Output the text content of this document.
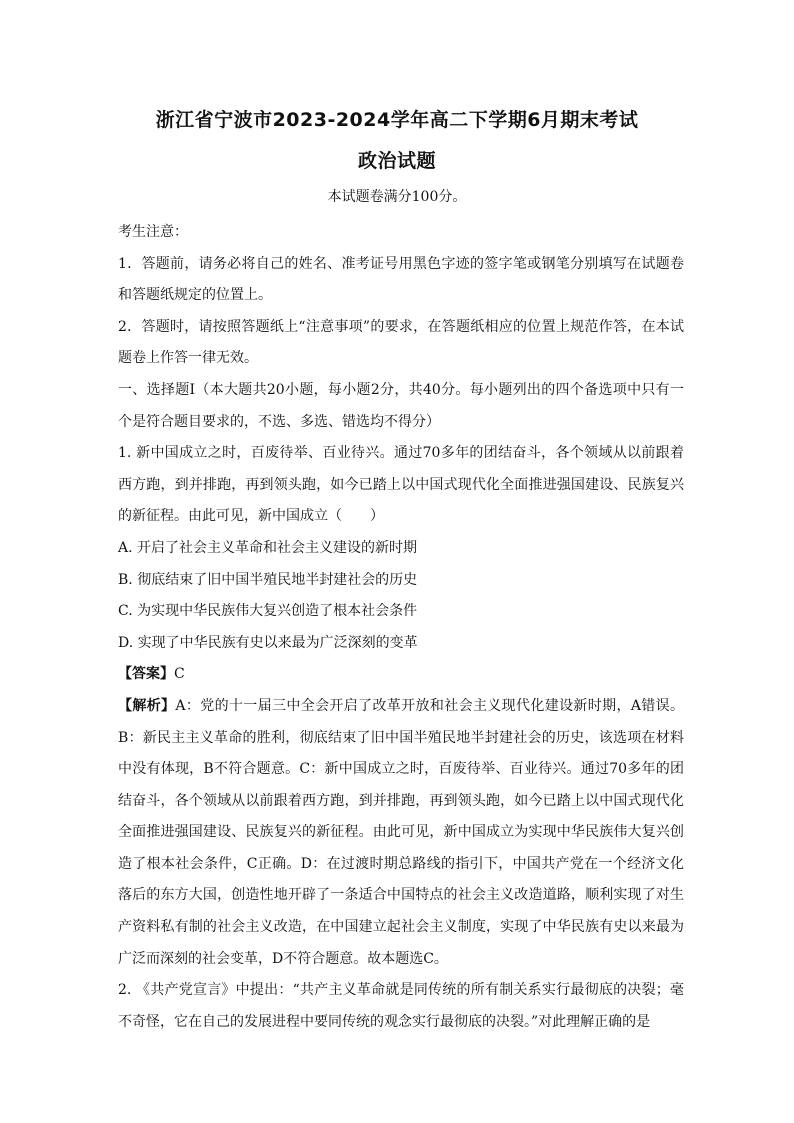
浙江省宁波市2023-2024学年高二下学期6月期末考试
政治试题
本试题卷满分100分。

考生注意：

1．答题前，请务必将自己的姓名、准考证号用黑色字迹的签字笔或钢笔分别填写在试题卷和答题纸规定的位置上。

2．答题时，请按照答题纸上“注意事项”的要求，在答题纸相应的位置上规范作答，在本试题卷上作答一律无效。

一、选择题Ⅰ（本大题共20小题，每小题2分，共40分。每小题列出的四个备选项中只有一个是符合题目要求的，不选、多选、错选均不得分）

1. 新中国成立之时，百废待举、百业待兴。通过70多年的团结奋斗，各个领域从以前跟着西方跑，到并排跑，再到领头跑，如今已踏上以中国式现代化全面推进强国建设、民族复兴的新征程。由此可见，新中国成立（　　）

A. 开启了社会主义革命和社会主义建设的新时期

B. 彻底结束了旧中国半殖民地半封建社会的历史

C. 为实现中华民族伟大复兴创造了根本社会条件

D. 实现了中华民族有史以来最为广泛深刻的变革

【答案】C

【解析】A：党的十一届三中全会开启了改革开放和社会主义现代化建设新时期，A错误。B：新民主主义革命的胜利，彻底结束了旧中国半殖民地半封建社会的历史，该选项在材料中没有体现，B不符合题意。C：新中国成立之时，百废待举、百业待兴。通过70多年的团结奋斗，各个领域从以前跟着西方跑，到并排跑，再到领头跑，如今已踏上以中国式现代化全面推进强国建设、民族复兴的新征程。由此可见，新中国成立为实现中华民族伟大复兴创造了根本社会条件，C正确。D：在过渡时期总路线的指引下，中国共产党在一个经济文化落后的东方大国，创造性地开辟了一条适合中国特点的社会主义改造道路，顺利实现了对生产资料私有制的社会主义改造，在中国建立起社会主义制度，实现了中华民族有史以来最为广泛而深刻的社会变革，D不符合题意。故本题选C。

2. 《共产党宣言》中提出：“共产主义革命就是同传统的所有制关系实行最彻底的决裂；毫不奇怪，它在自己的发展进程中要同传统的观念实行最彻底的决裂。”对此理解正确的是
